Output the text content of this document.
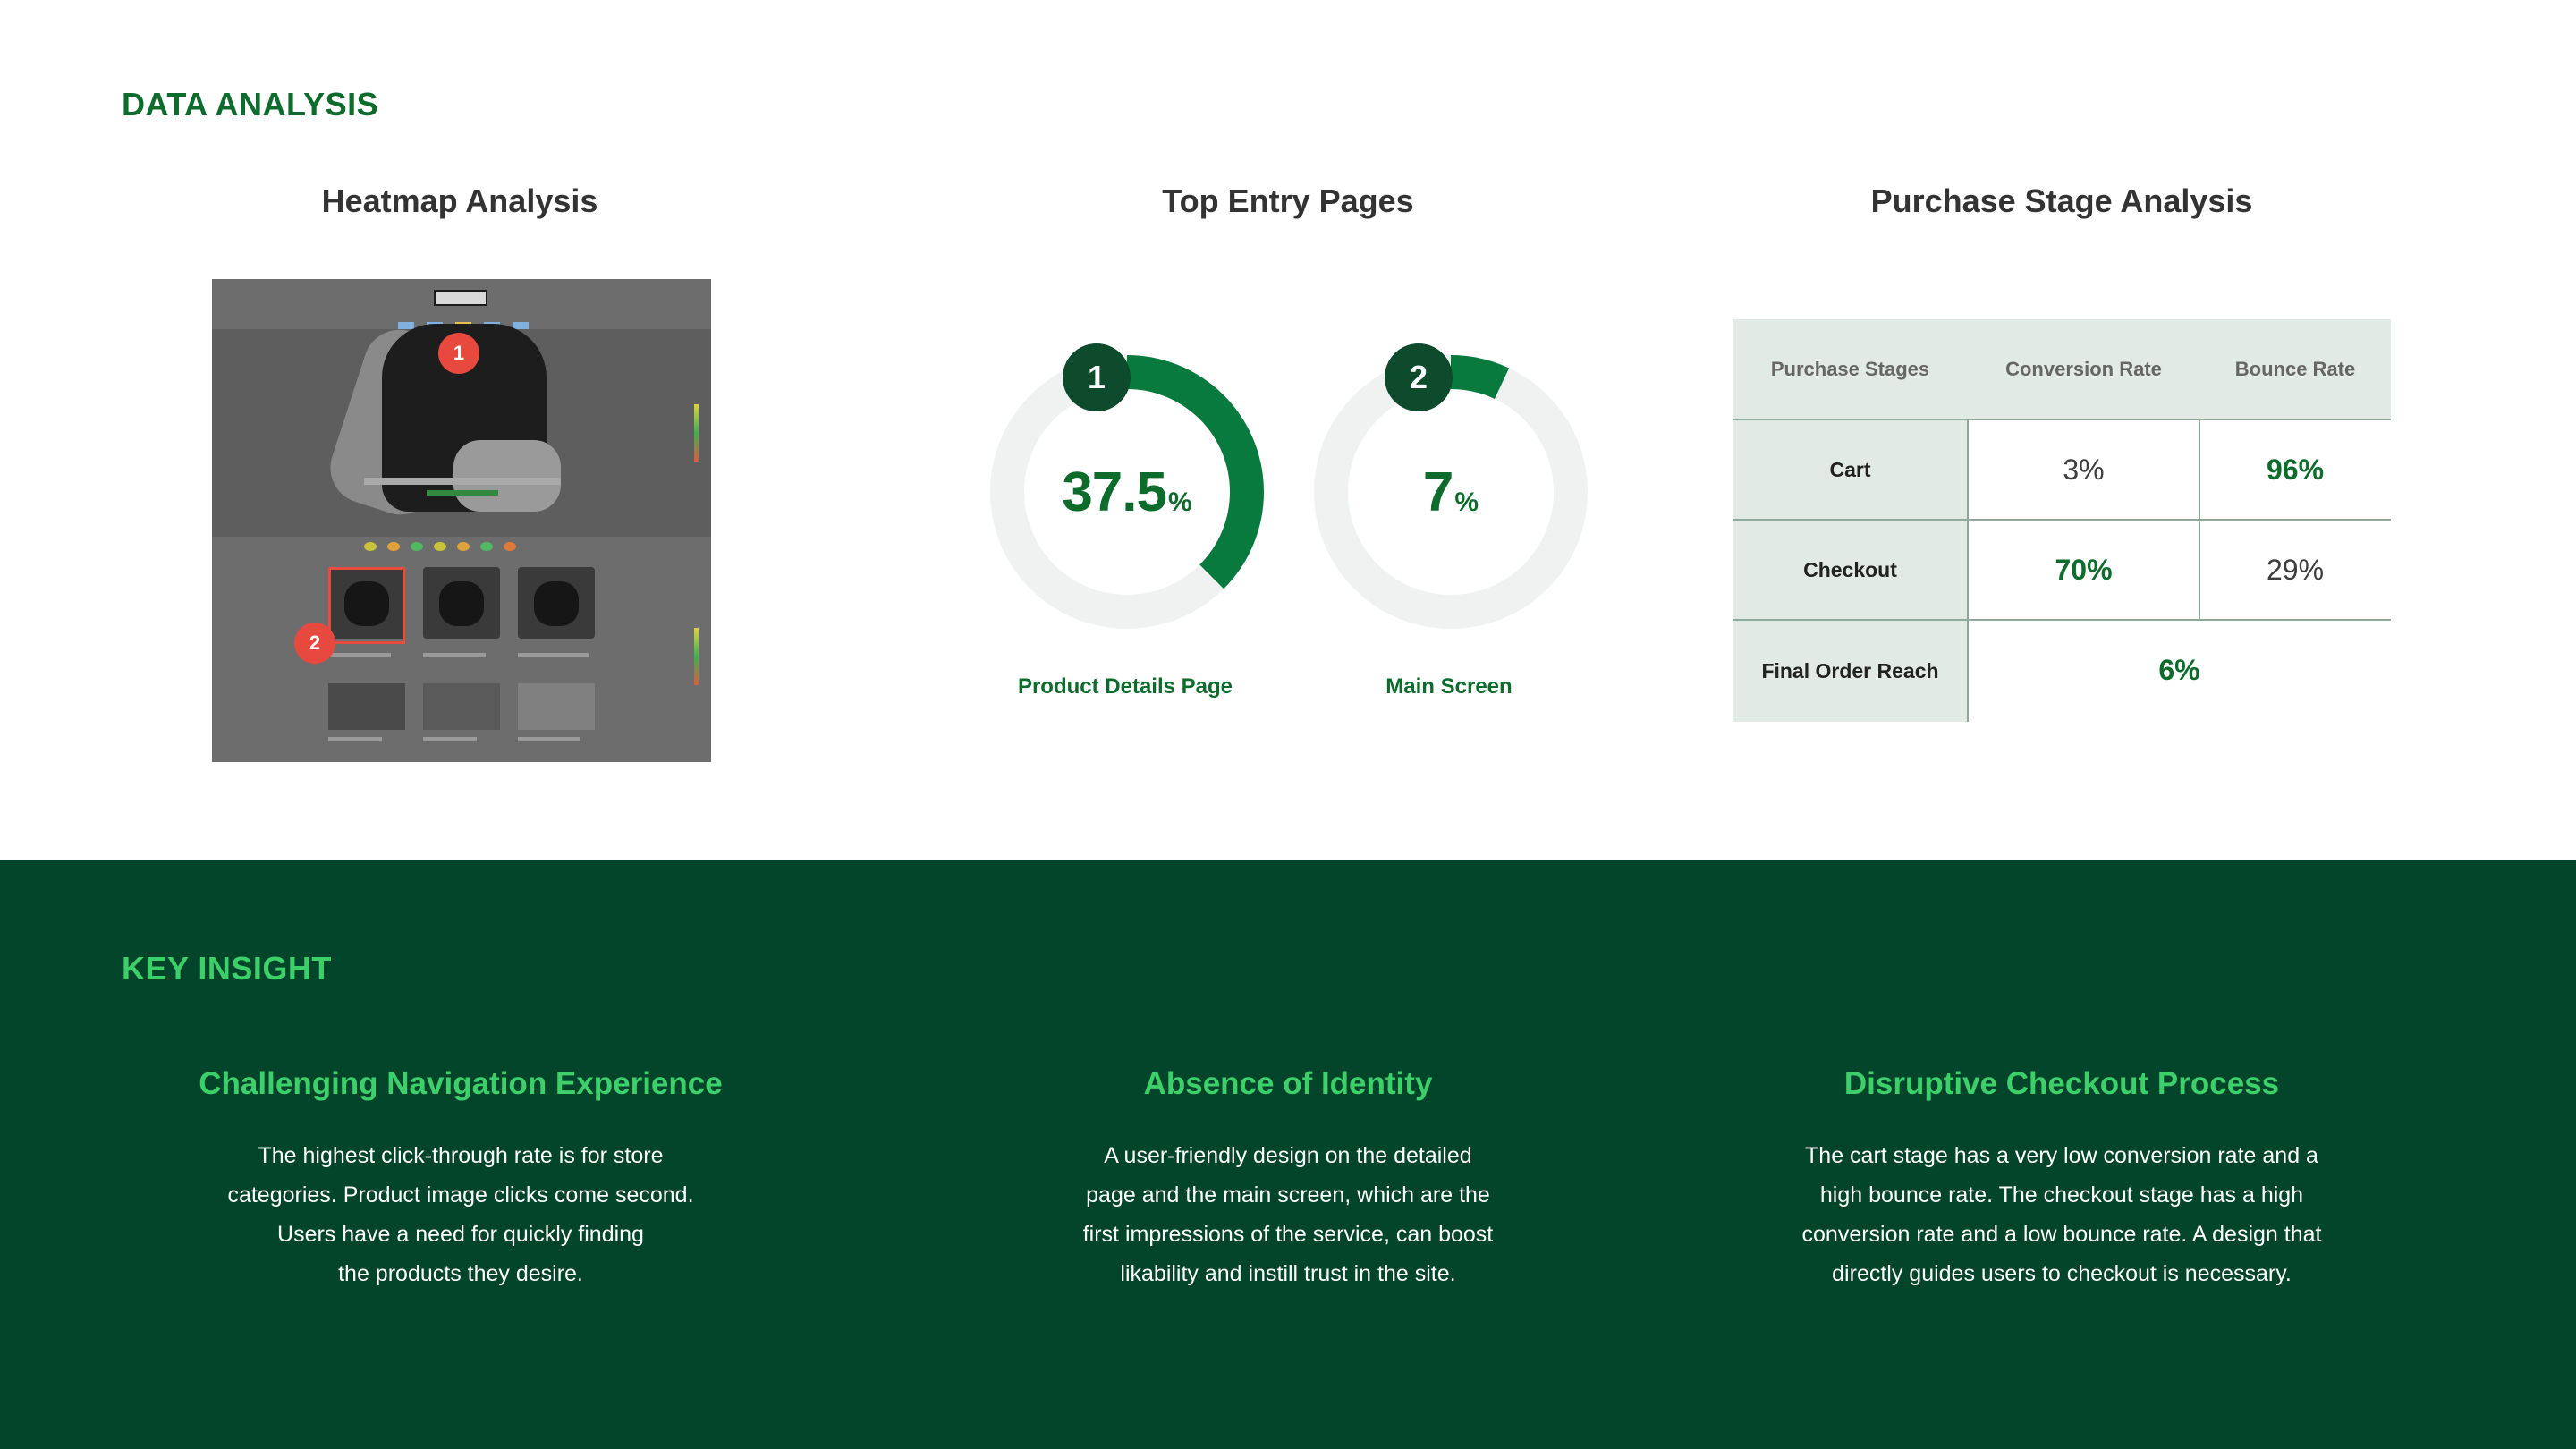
DATA ANALYSIS
Heatmap Analysis	Top Entry Pages	Purchase Stage Analysis
1
2
37.5 %
1
Product Details Page
7 %
2
Main Screen
Purchase Stages	Conversion Rate	Bounce Rate
Cart	3%	96%
Checkout	70%	29%
Final Order Reach	6%
KEY INSIGHT
Challenging Navigation Experience

The highest click-through rate is for store
categories. Product image clicks come second.
Users have a need for quickly finding
the products they desire.

Absence of Identity

A user-friendly design on the detailed
page and the main screen, which are the
first impressions of the service, can boost
likability and instill trust in the site.

Disruptive Checkout Process

The cart stage has a very low conversion rate and a
high bounce rate. The checkout stage has a high
conversion rate and a low bounce rate. A design that
directly guides users to checkout is necessary.
